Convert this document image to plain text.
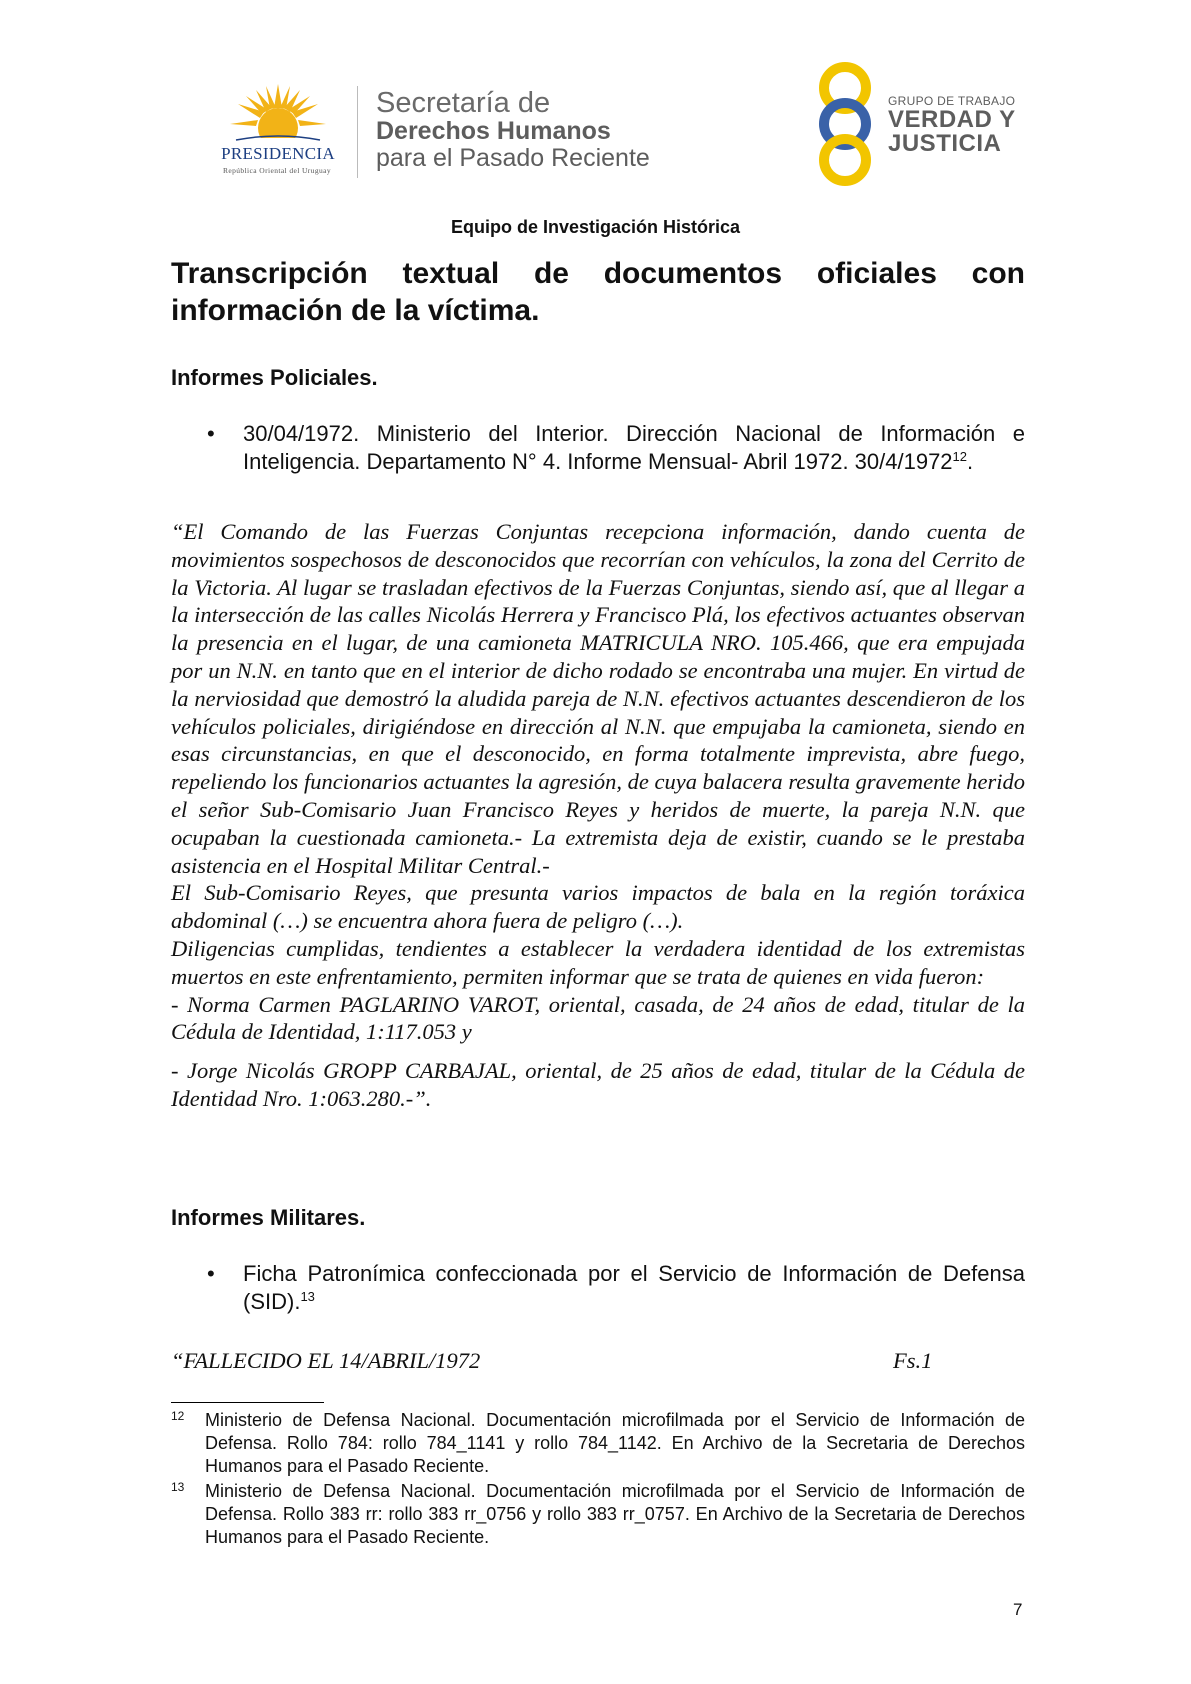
PRESIDENCIA
República Oriental del Uruguay
Secretaría de
Derechos Humanos
para el Pasado Reciente
GRUPO DE TRABAJO
VERDAD Y
JUSTICIA
Equipo de Investigación Histórica
Transcripción textual de documentos oficiales con información de la víctima.
Informes Policiales.
• 30/04/1972. Ministerio del Interior. Dirección Nacional de Información e Inteligencia. Departamento N° 4. Informe Mensual- Abril 1972. 30/4/1972$^{12}$.

“El Comando de las Fuerzas Conjuntas recepciona información, dando cuenta de movimientos sospechosos de desconocidos que recorrían con vehículos, la zona del Cerrito de la Victoria. Al lugar se trasladan efectivos de la Fuerzas Conjuntas, siendo así, que al llegar a la intersección de las calles Nicolás Herrera y Francisco Plá, los efectivos actuantes observan la presencia en el lugar, de una camioneta MATRICULA NRO. 105.466, que era empujada por un N.N. en tanto que en el interior de dicho rodado se encontraba una mujer. En virtud de la nerviosidad que demostró la aludida pareja de N.N. efectivos actuantes descendieron de los vehículos policiales, dirigiéndose en dirección al N.N. que empujaba la camioneta, siendo en esas circunstancias, en que el desconocido, en forma totalmente imprevista, abre fuego, repeliendo los funcionarios actuantes la agresión, de cuya balacera resulta gravemente herido el señor Sub-Comisario Juan Francisco Reyes y heridos de muerte, la pareja N.N. que ocupaban la cuestionada camioneta.- La extremista deja de existir, cuando se le prestaba asistencia en el Hospital Militar Central.-

El Sub-Comisario Reyes, que presunta varios impactos de bala en la región toráxica abdominal (…) se encuentra ahora fuera de peligro (…).

Diligencias cumplidas, tendientes a establecer la verdadera identidad de los extremistas muertos en este enfrentamiento, permiten informar que se trata de quienes en vida fueron:

- Norma Carmen PAGLARINO VAROT, oriental, casada, de 24 años de edad, titular de la Cédula de Identidad, 1:117.053 y

- Jorge Nicolás GROPP CARBAJAL, oriental, de 25 años de edad, titular de la Cédula de Identidad Nro. 1:063.280.-”.

Informes Militares.
• Ficha Patronímica confeccionada por el Servicio de Información de Defensa (SID).$^{13}$
“FALLECIDO EL 14/ABRIL/1972	Fs.1
12 Ministerio de Defensa Nacional. Documentación microfilmada por el Servicio de Información de Defensa. Rollo 784: rollo 784_1141 y rollo 784_1142. En Archivo de la Secretaria de Derechos Humanos para el Pasado Reciente.
13 Ministerio de Defensa Nacional. Documentación microfilmada por el Servicio de Información de Defensa. Rollo 383 rr: rollo 383 rr_0756 y rollo 383 rr_0757. En Archivo de la Secretaria de Derechos Humanos para el Pasado Reciente.
7
